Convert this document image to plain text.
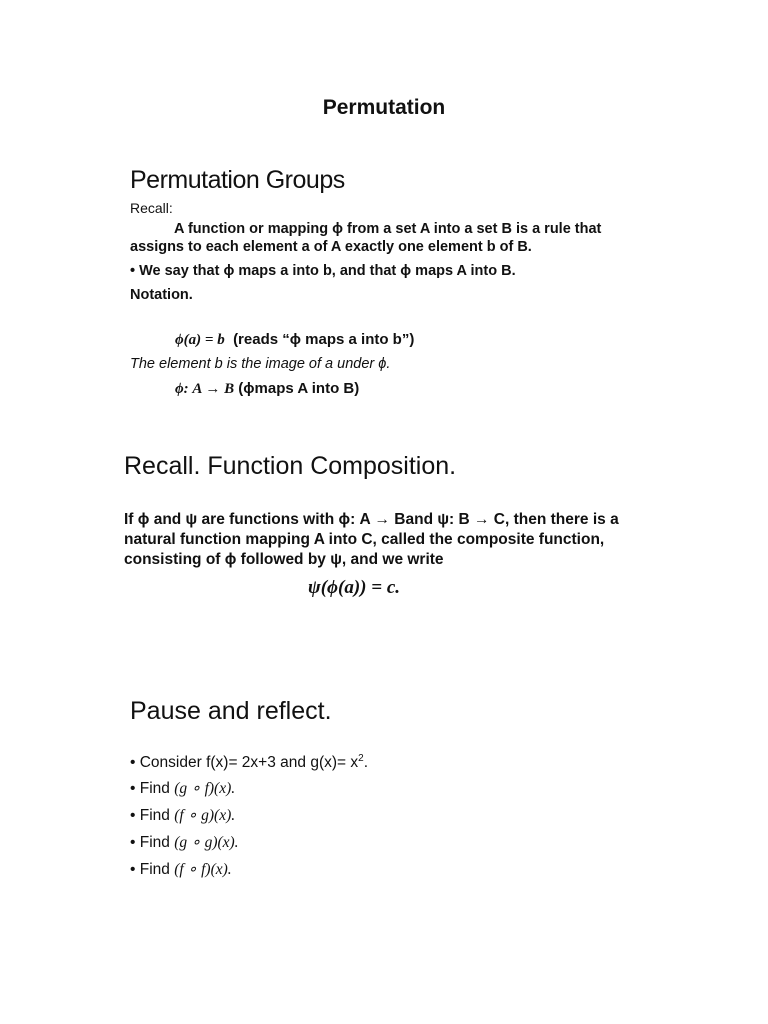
Permutation
Permutation Groups
Recall:
A function or mapping ϕ from a set A into a set B is a rule that
assigns to each element a of A exactly one element b of B.
• We say that ϕ maps a into b, and that ϕ maps A into B.
Notation.
ϕ(a) = b (reads “ϕ maps a into b”)
The element b is the image of a under ϕ.
ϕ: A → B (ϕmaps A into B)
Recall. Function Composition.
If ϕ and ψ are functions with ϕ: A → Band ψ: B → C, then there is a
natural function mapping A into C, called the composite function,
consisting of ϕ followed by ψ, and we write
ψ(ϕ(a)) = c.
Pause and reflect.
• Consider f(x)= 2x+3 and $g(x)= x^2$.
• Find (g ∘ f)(x).
• Find (f ∘ g)(x).
• Find (g ∘ g)(x).
• Find (f ∘ f)(x).
